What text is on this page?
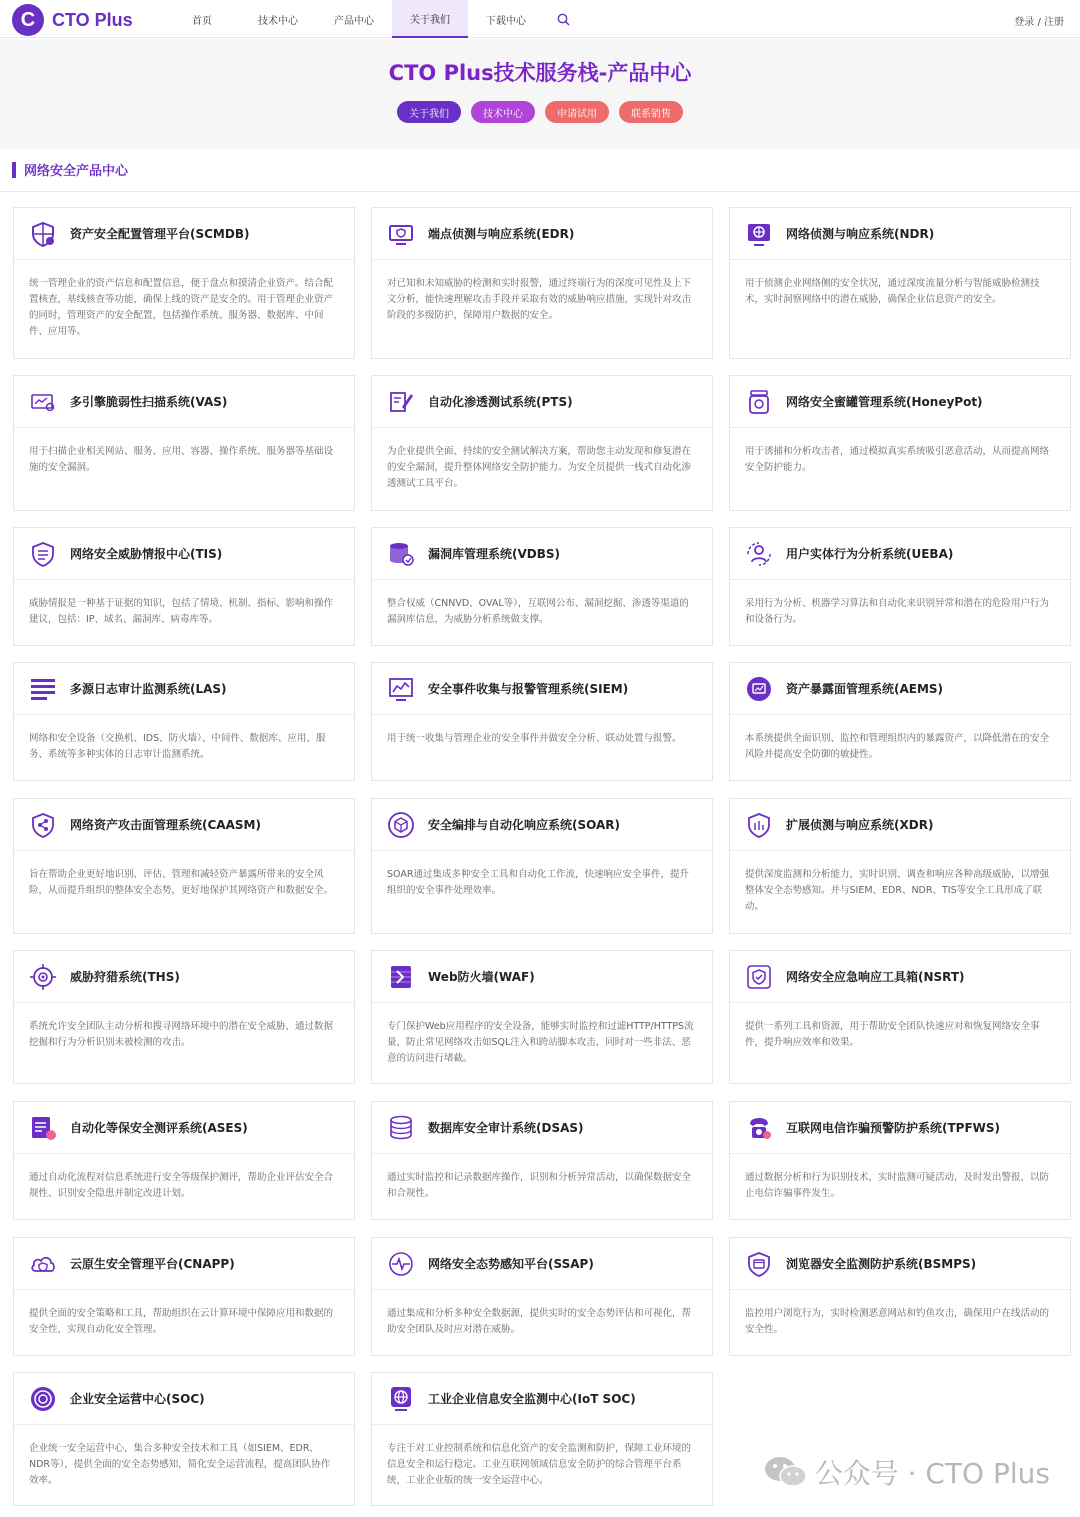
C CTO Plus	首页	技术中心	产品中心	关于我们	下载中心	登录 / 注册
CTO Plus技术服务栈-产品中心
关于我们	技术中心	申请试用	联系销售
网络安全产品中心
资产安全配置管理平台(SCMDB)
统一管理企业的资产信息和配置信息，便于盘点和摸清企业资产。结合配置核查，基线核查等功能，确保上线的资产是安全的。用于管理企业资产的同时，管理资产的安全配置，包括操作系统、服务器、数据库、中间件、应用等。
端点侦测与响应系统(EDR)
对已知和未知威胁的检测和实时报警，通过终端行为的深度可见性及上下文分析，能快速理解攻击手段并采取有效的威胁响应措施，实现针对攻击阶段的多级防护，保障用户数据的安全。
网络侦测与响应系统(NDR)
用于侦测企业网络侧的安全状况，通过深度流量分析与智能威胁检测技术，实时洞察网络中的潜在威胁，确保企业信息资产的安全。
多引擎脆弱性扫描系统(VAS)
用于扫描企业相关网站、服务、应用、容器、操作系统、服务器等基础设施的安全漏洞。
自动化渗透测试系统(PTS)
为企业提供全面、持续的安全测试解决方案，帮助您主动发现和修复潜在的安全漏洞，提升整体网络安全防护能力。为安全员提供一栈式自动化渗透测试工具平台。
网络安全蜜罐管理系统(HoneyPot)
用于诱捕和分析攻击者，通过模拟真实系统吸引恶意活动，从而提高网络安全防护能力。
网络安全威胁情报中心(TIS)
威胁情报是一种基于证据的知识，包括了情境、机制、指标、影响和操作建议，包括：IP、域名、漏洞库、病毒库等。
漏洞库管理系统(VDBS)
整合权威（CNNVD、OVAL等），互联网公布、漏洞挖掘、渗透等渠道的漏洞库信息，为威胁分析系统做支撑。
用户实体行为分析系统(UEBA)
采用行为分析、机器学习算法和自动化来识别异常和潜在的危险用户行为和设备行为。
多源日志审计监测系统(LAS)
网络和安全设备（交换机、IDS、防火墙）、中间件、数据库、应用、服务、系统等多种实体的日志审计监测系统。
安全事件收集与报警管理系统(SIEM)
用于统一收集与管理企业的安全事件并做安全分析、联动处置与报警。
资产暴露面管理系统(AEMS)
本系统提供全面识别、监控和管理组织内的暴露资产，以降低潜在的安全风险并提高安全防御的敏捷性。
网络资产攻击面管理系统(CAASM)
旨在帮助企业更好地识别、评估、管理和减轻资产暴露所带来的安全风险，从而提升组织的整体安全态势，更好地保护其网络资产和数据安全。
安全编排与自动化响应系统(SOAR)
SOAR通过集成多种安全工具和自动化工作流，快速响应安全事件，提升组织的安全事件处理效率。
扩展侦测与响应系统(XDR)
提供深度监测和分析能力，实时识别、调查和响应各种高级威胁，以增强整体安全态势感知。并与SIEM、EDR、NDR、TIS等安全工具形成了联动。
威胁狩猎系统(THS)
系统允许安全团队主动分析和搜寻网络环境中的潜在安全威胁，通过数据挖掘和行为分析识别未被检测的攻击。
Web防火墙(WAF)
专门保护Web应用程序的安全设备，能够实时监控和过滤HTTP/HTTPS流量，防止常见网络攻击如SQL注入和跨站脚本攻击，同时对一些非法、恶意的访问进行堵截。
网络安全应急响应工具箱(NSRT)
提供一系列工具和资源，用于帮助安全团队快速应对和恢复网络安全事件，提升响应效率和效果。
自动化等保安全测评系统(ASES)
通过自动化流程对信息系统进行安全等级保护测评，帮助企业评估安全合规性、识别安全隐患并制定改进计划。
数据库安全审计系统(DSAS)
通过实时监控和记录数据库操作，识别和分析异常活动，以确保数据安全和合规性。
互联网电信诈骗预警防护系统(TPFWS)
通过数据分析和行为识别技术，实时监测可疑活动，及时发出警报，以防止电信诈骗事件发生。
云原生安全管理平台(CNAPP)
提供全面的安全策略和工具，帮助组织在云计算环境中保障应用和数据的安全性，实现自动化安全管理。
网络安全态势感知平台(SSAP)
通过集成和分析多种安全数据源，提供实时的安全态势评估和可视化，帮助安全团队及时应对潜在威胁。
浏览器安全监测防护系统(BSMPS)
监控用户浏览行为，实时检测恶意网站和钓鱼攻击，确保用户在线活动的安全性。
企业安全运营中心(SOC)
企业统一安全运营中心，集合多种安全技术和工具（如SIEM、EDR、NDR等），提供全面的安全态势感知，简化安全运营流程，提高团队协作效率。
工业企业信息安全监测中心(IoT SOC)
专注于对工业控制系统和信息化资产的安全监测和防护，保障工业环境的信息安全和运行稳定。工业互联网领域信息安全防护的综合管理平台系统，工业企业版的统一安全运营中心。	公众号 · CTO Plus
